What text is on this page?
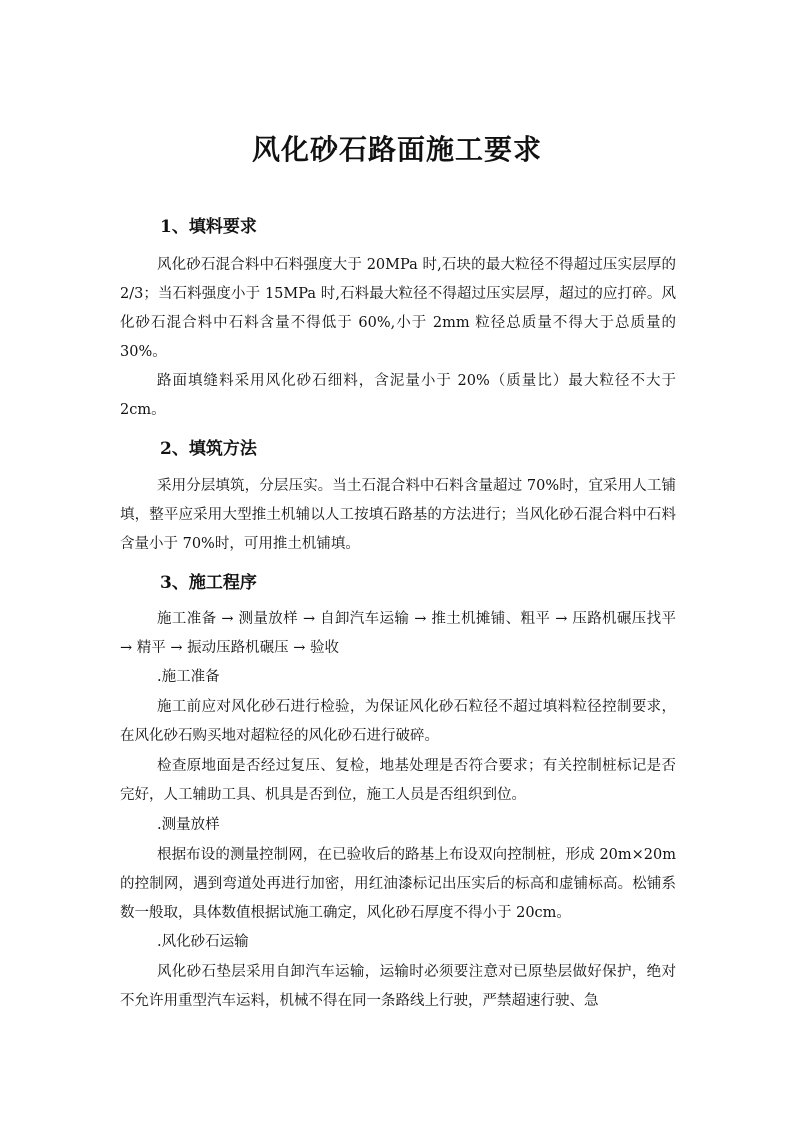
风化砂石路面施工要求
1、填料要求

风化砂石混合料中石料强度大于 20MPa 时,石块的最大粒径不得超过压实层厚的 2/3；当石料强度小于 15MPa 时,石料最大粒径不得超过压实层厚，超过的应打碎。风化砂石混合料中石料含量不得低于 60%,小于 2mm 粒径总质量不得大于总质量的 30%。

路面填缝料采用风化砂石细料，含泥量小于 20%（质量比）最大粒径不大于 2cm。

2、填筑方法

采用分层填筑，分层压实。当土石混合料中石料含量超过 70%时，宜采用人工铺填，整平应采用大型推土机辅以人工按填石路基的方法进行；当风化砂石混合料中石料含量小于 70%时，可用推土机铺填。

3、施工程序

施工准备 → 测量放样 → 自卸汽车运输 → 推土机摊铺、粗平 → 压路机碾压找平 → 精平 → 振动压路机碾压 → 验收

.施工准备

施工前应对风化砂石进行检验，为保证风化砂石粒径不超过填料粒径控制要求，在风化砂石购买地对超粒径的风化砂石进行破碎。

检查原地面是否经过复压、复检，地基处理是否符合要求；有关控制桩标记是否完好，人工辅助工具、机具是否到位，施工人员是否组织到位。

.测量放样

根据布设的测量控制网，在已验收后的路基上布设双向控制桩，形成 20m×20m 的控制网，遇到弯道处再进行加密，用红油漆标记出压实后的标高和虚铺标高。松铺系数一般取，具体数值根据试施工确定，风化砂石厚度不得小于 20cm。

.风化砂石运输

风化砂石垫层采用自卸汽车运输，运输时必须要注意对已原垫层做好保护，绝对不允许用重型汽车运料，机械不得在同一条路线上行驶，严禁超速行驶、急
